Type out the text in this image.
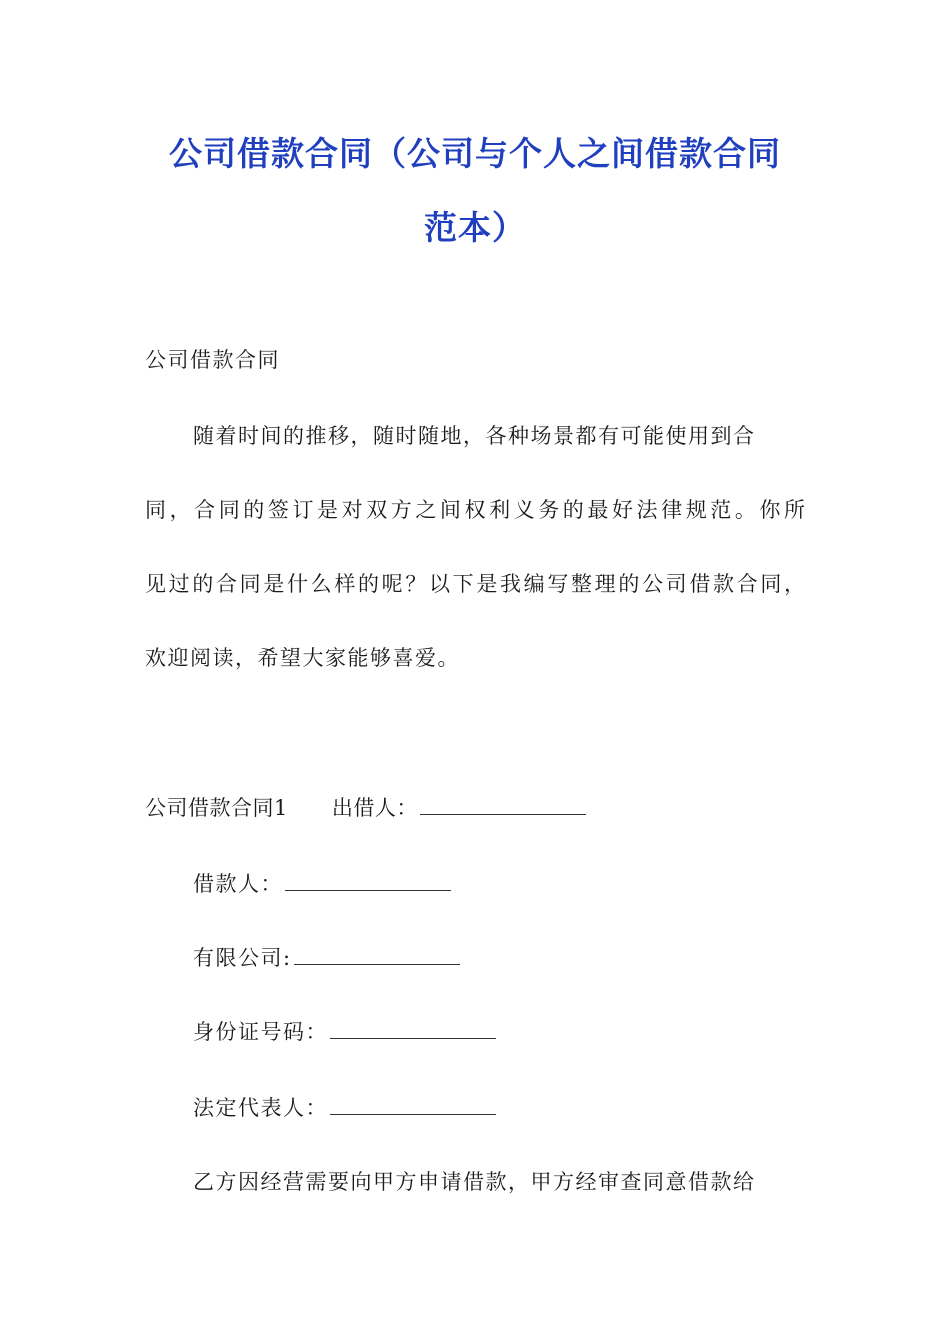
公司借款合同（公司与个人之间借款合同
范本）
公司借款合同
随着时间的推移，随时随地，各种场景都有可能使用到合
同，合同的签订是对双方之间权利义务的最好法律规范。你所
见过的合同是什么样的呢？以下是我编写整理的公司借款合同，
欢迎阅读，希望大家能够喜爱。
公司借款合同1 出借人：
借款人：
有限公司:
身份证号码：
法定代表人：
乙方因经营需要向甲方申请借款，甲方经审查同意借款给
